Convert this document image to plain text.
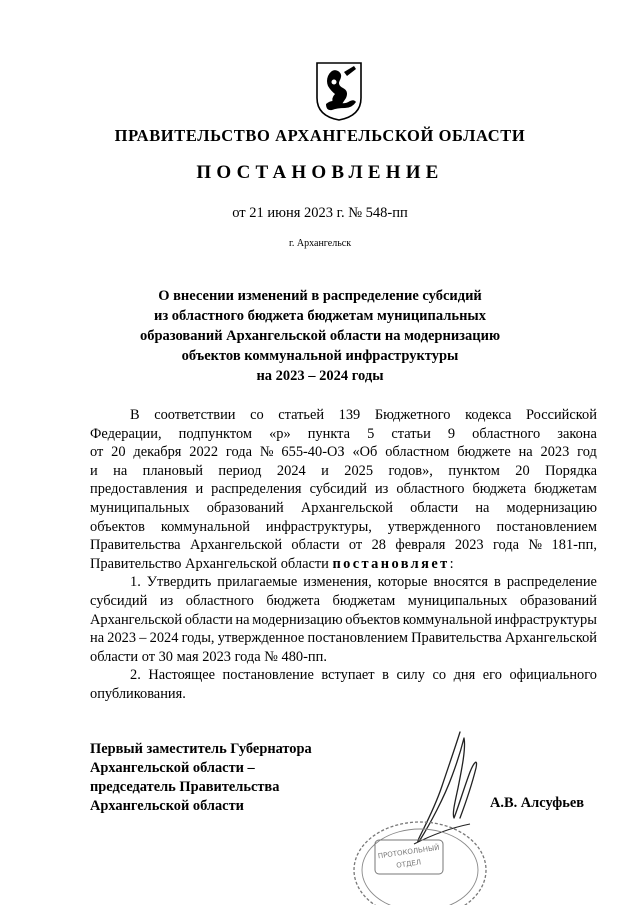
ПРАВИТЕЛЬСТВО АРХАНГЕЛЬСКОЙ ОБЛАСТИ
ПОСТАНОВЛЕНИЕ
от 21 июня 2023 г. № 548-пп
г. Архангельск
О внесении изменений в распределение субсидий
из областного бюджета бюджетам муниципальных
образований Архангельской области на модернизацию
объектов коммунальной инфраструктуры
на 2023 – 2024 годы
В соответствии со статьей 139 Бюджетного кодекса Российской
Федерации, подпунктом «р» пункта 5 статьи 9 областного закона
от 20 декабря 2022 года № 655-40-ОЗ «Об областном бюджете на 2023 год
и на плановый период 2024 и 2025 годов», пунктом 20 Порядка
предоставления и распределения субсидий из областного бюджета бюджетам
муниципальных образований Архангельской области на модернизацию
объектов коммунальной инфраструктуры, утвержденного постановлением
Правительства Архангельской области от 28 февраля 2023 года № 181-пп,
Правительство Архангельской области
постановляет :
1. Утвердить прилагаемые изменения, которые вносятся в распределение
субсидий из областного бюджета бюджетам муниципальных образований
Архангельской области на модернизацию объектов коммунальной инфраструктуры
на 2023 – 2024 годы, утвержденное постановлением Правительства Архангельской
области от 30 мая 2023 года № 480-пп.
2. Настоящее постановление вступает в силу со дня его официального
опубликования.
Первый заместитель Губернатора
Архангельской области –
председатель Правительства
Архангельской области	А.В. Алсуфьев
ПРОТОКОЛЬНЫЙ
ОТДЕЛ
